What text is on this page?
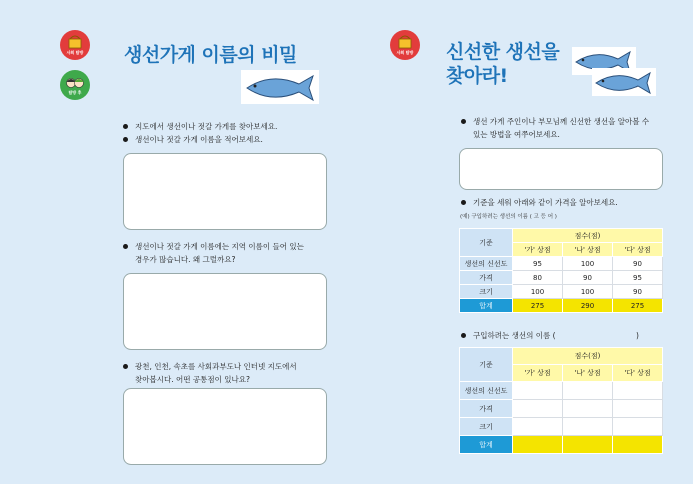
사회 탐방
탐방 후
생선가게 이름의 비밀
지도에서 생선이나 젓갈 가게를 찾아보세요.
생선이나 젓갈 가게 이름을 적어보세요.
생선이나 젓갈 가게 이름에는 지역 이름이 들어 있는
경우가 많습니다. 왜 그럴까요?
광천, 인천, 속초를 사회과부도나 인터넷 지도에서
찾아봅시다. 어떤 공통점이 있나요?
사회 탐방	신선한 생선을
찾아라!
생선 가게 주인이나 부모님께 신선한 생선을 알아볼 수
있는 방법을 여쭈어보세요.
기준을 세워 아래와 같이 가격을 알아보세요.
(예) 구입하려는 생선의 이름 ( 고 등 어 )
기준	점수(점)		
	'가' 상점	'나' 상점	'다' 상점
생선의 신선도	95	100	90
가격	80	90	95
크기	100	100	90
합계	275	290	275
구입하려는 생선의 이름 (	)
기준	점수(점)		
	'가' 상점	'나' 상점	'다' 상점
생선의 신선도			
가격			
크기			
합계			
